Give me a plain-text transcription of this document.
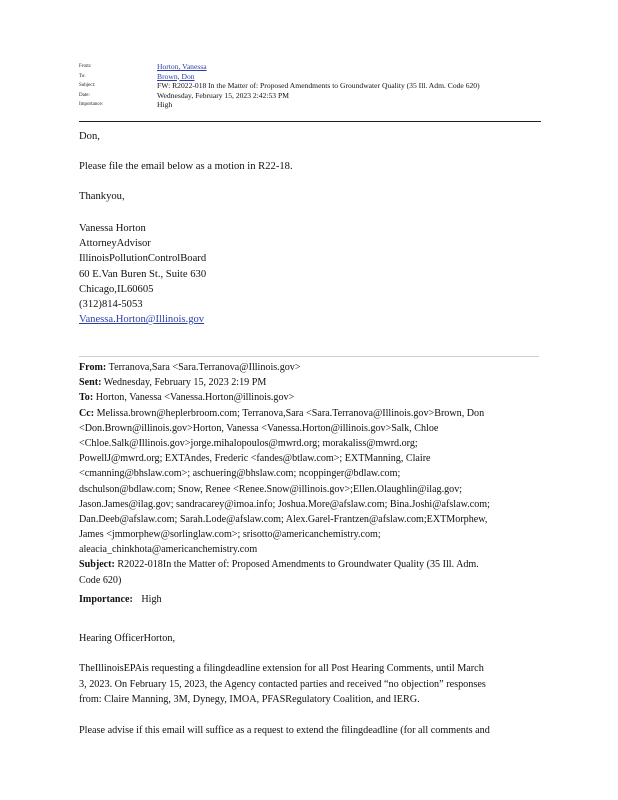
From:	Horton, Vanessa
To:	Brown, Don
Subject:	FW: R2022-018 In the Matter of: Proposed Amendments to Groundwater Quality (35 Ill. Adm. Code 620)
Date:	Wednesday, February 15, 2023 2:42:53 PM
Importance:	High
Don,
Please file the email below as a motion in R22-18.
Thankyou,
Vanessa Horton
AttorneyAdvisor
IllinoisPollutionControlBoard
60 E.Van Buren St., Suite 630
Chicago,IL60605
(312)814-5053
Vanessa.Horton@Illinois.gov
From: Terranova,Sara <Sara.Terranova@Illinois.gov>
Sent: Wednesday, February 15, 2023 2:19 PM
To: Horton, Vanessa <Vanessa.Horton@illinois.gov>
Cc: Melissa.brown@heplerbroom.com; Terranova,Sara <Sara.Terranova@Illinois.gov>Brown, Don
<Don.Brown@illinois.gov>Horton, Vanessa <Vanessa.Horton@illinois.gov>Salk, Chloe
<Chloe.Salk@Illinois.gov>jorge.mihalopoulos@mwrd.org; morakaliss@mwrd.org;
PowellJ@mwrd.org; EXTAndes, Frederic <fandes@btlaw.com>; EXTManning, Claire
<cmanning@bhslaw.com>; aschuering@bhslaw.com; ncoppinger@bdlaw.com;
dschulson@bdlaw.com; Snow, Renee <Renee.Snow@illinois.gov>;Ellen.Olaughlin@ilag.gov;
Jason.James@ilag.gov; sandracarey@imoa.info; Joshua.More@afslaw.com; Bina.Joshi@afslaw.com;
Dan.Deeb@afslaw.com; Sarah.Lode@afslaw.com; Alex.Garel-Frantzen@afslaw.com;EXTMorphew,
James <jmmorphew@sorlinglaw.com>; srisotto@americanchemistry.com;
aleacia_chinkhota@americanchemistry.com
Subject: R2022-018In the Matter of: Proposed Amendments to Groundwater Quality (35 Ill. Adm.
Code 620)
Importance: High
Hearing OfficerHorton,
TheIllinoisEPAis requesting a filingdeadline extension for all Post Hearing Comments, until March
3, 2023. On February 15, 2023, the Agency contacted parties and received “no objection” responses
from: Claire Manning, 3M, Dynegy, IMOA, PFASRegulatory Coalition, and IERG.
Please advise if this email will suffice as a request to extend the filingdeadline (for all comments and
